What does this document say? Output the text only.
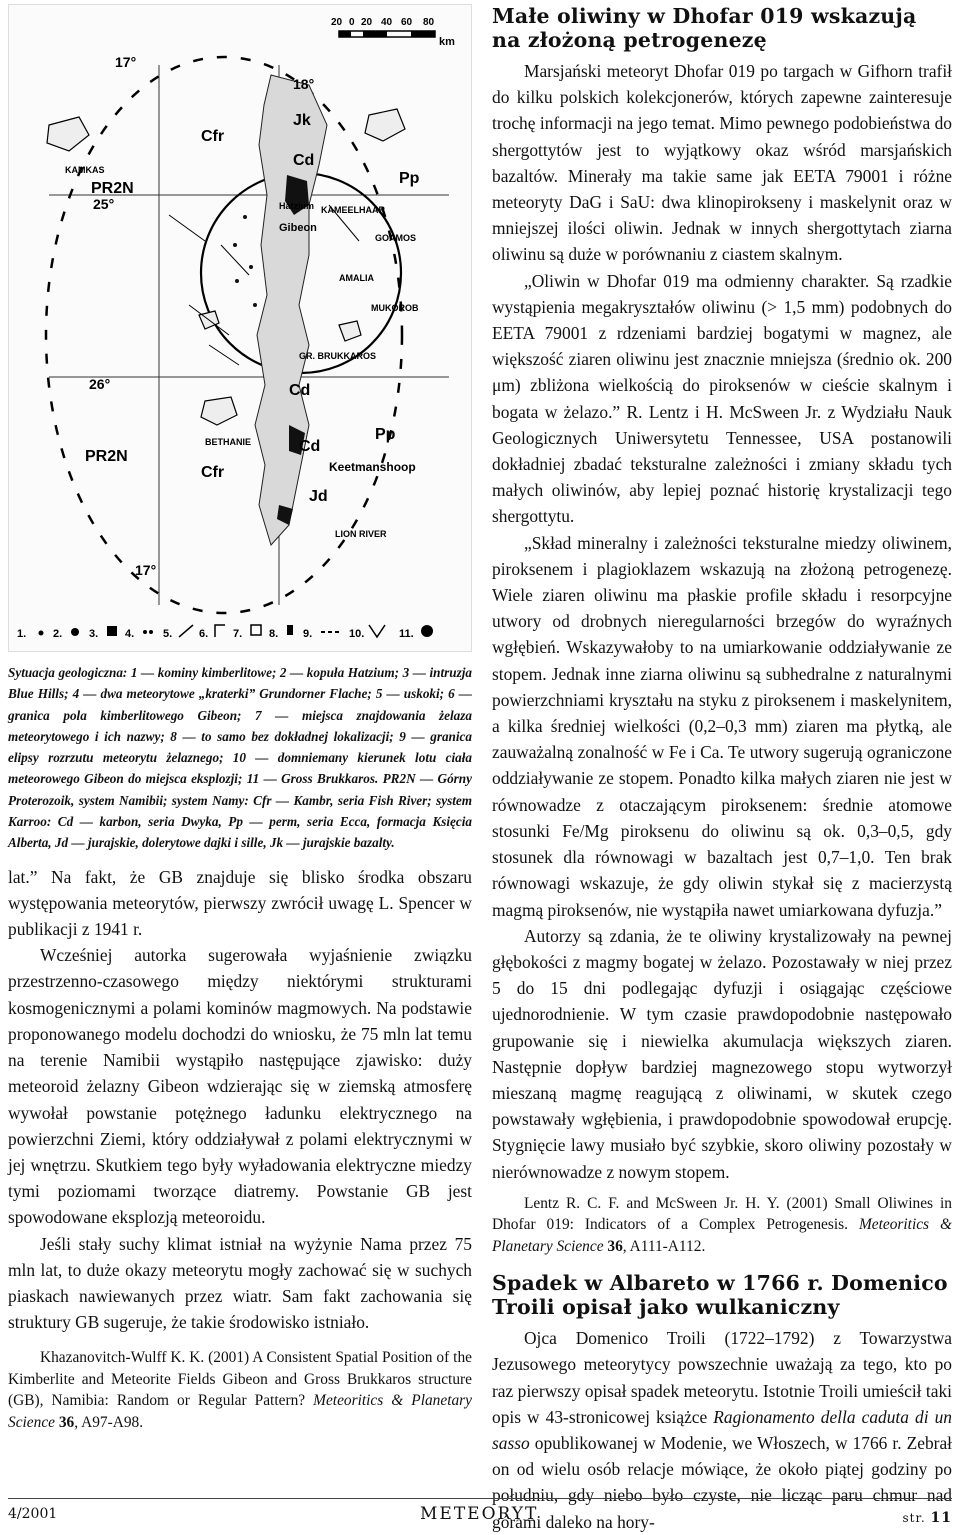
20 0 20 40 60 80
km
17°
18°
25°
26°
17°
Jk
Cfr
Cd
Pp
PR2N
PR2N
Cfr
Cd
Pp
Jd
Cd
KAMKAS
Hatzium KAMEELHAAR
Gibeon
GOAMOS
AMALIA
MUKOROB
GR. BRUKKAROS
BETHANIE
Keetmanshoop
LION RIVER
1. 2. 3. 4.	5. 6. 7. 8. 9.	10.	11.

Sytuacja geologiczna: 1 — kominy kimberlitowe; 2 — kopuła Hatzium; 3 — intruzja Blue Hills; 4 — dwa meteorytowe „kraterki” Grundorner Flache; 5 — uskoki; 6 — granica pola kimberlitowego Gibeon; 7 — miejsca znajdowania żelaza meteorytowego i ich nazwy; 8 — to samo bez dokładnej lokalizacji; 9 — granica elipsy rozrzutu meteorytu żelaznego; 10 — domniemany kierunek lotu ciała meteorowego Gibeon do miejsca eksplozji; 11 — Gross Brukkaros. PR2N — Górny Proterozoik, system Namibii; system Namy: Cfr — Kambr, seria Fish River; system Karroo: Cd — karbon, seria Dwyka, Pp — perm, seria Ecca, formacja Księcia Alberta, Jd — jurajskie, dolerytowe dajki i sille, Jk — jurajskie bazalty.

lat.” Na fakt, że GB znajduje się blisko środka obszaru występowania meteorytów, pierwszy zwrócił uwagę L. Spencer w publikacji z 1941 r.

Wcześniej autorka sugerowała wyjaśnienie związku przestrzenno-czasowego między niektórymi strukturami kosmogenicznymi a polami kominów magmowych. Na podstawie proponowanego modelu dochodzi do wniosku, że 75 mln lat temu na terenie Namibii wystąpiło następujące zjawisko: duży meteoroid żelazny Gibeon wdzierając się w ziemską atmosferę wywołał powstanie potężnego ładunku elektrycznego na powierzchni Ziemi, który oddziaływał z polami elektrycznymi w jej wnętrzu. Skutkiem tego były wyładowania elektryczne miedzy tymi poziomami tworzące diatremy. Powstanie GB jest spowodowane eksplozją meteoroidu.

Jeśli stały suchy klimat istniał na wyżynie Nama przez 75 mln lat, to duże okazy meteorytu mogły zachować się w suchych piaskach nawiewanych przez wiatr. Sam fakt zachowania się struktury GB sugeruje, że takie środowisko istniało.

Khazanovitch-Wulff K. K. (2001) A Consistent Spatial Position of the Kimberlite and Meteorite Fields Gibeon and Gross Brukkaros structure (GB), Namibia: Random or Regular Pattern? Meteoritics & Planetary Science 36, A97-A98.

Małe oliwiny w Dhofar 019 wskazują na złożoną petrogenezę

Marsjański meteoryt Dhofar 019 po targach w Gifhorn trafił do kilku polskich kolekcjonerów, których zapewne zainteresuje trochę informacji na jego temat. Mimo pewnego podobieństwa do shergottytów jest to wyjątkowy okaz wśród marsjańskich bazaltów. Minerały ma takie same jak EETA 79001 i różne meteoryty DaG i SaU: dwa klinopirokseny i maskelynit oraz w mniejszej ilości oliwin. Jednak w innych shergottytach ziarna oliwinu są duże w porównaniu z ciastem skalnym.

„Oliwin w Dhofar 019 ma odmienny charakter. Są rzadkie wystąpienia megakryształów oliwinu (> 1,5 mm) podobnych do EETA 79001 z rdzeniami bardziej bogatymi w magnez, ale większość ziaren oliwinu jest znacznie mniejsza (średnio ok. 200 μm) zbliżona wielkością do piroksenów w cieście skalnym i bogata w żelazo.” R. Lentz i H. McSween Jr. z Wydziału Nauk Geologicznych Uniwersytetu Tennessee, USA postanowili dokładniej zbadać teksturalne zależności i zmiany składu tych małych oliwinów, aby lepiej poznać historię krystalizacji tego shergottytu.

„Skład mineralny i zależności teksturalne miedzy oliwinem, piroksenem i plagioklazem wskazują na złożoną petrogenezę. Wiele ziaren oliwinu ma płaskie profile składu i resorpcyjne utwory od drobnych nieregularności brzegów do wyraźnych wgłębień. Wskazywałoby to na umiarkowanie oddziaływanie ze stopem. Jednak inne ziarna oliwinu są subhedralne z naturalnymi powierzchniami kryształu na styku z piroksenem i maskelynitem, a kilka średniej wielkości (0,2–0,3 mm) ziaren ma płytką, ale zauważalną zonalność w Fe i Ca. Te utwory sugerują ograniczone oddziaływanie ze stopem. Ponadto kilka małych ziaren nie jest w równowadze z otaczającym piroksenem: średnie atomowe stosunki Fe/Mg piroksenu do oliwinu są ok. 0,3–0,5, gdy stosunek dla równowagi w bazaltach jest 0,7–1,0. Ten brak równowagi wskazuje, że gdy oliwin stykał się z macierzystą magmą piroksenów, nie wystąpiła nawet umiarkowana dyfuzja.”

Autorzy są zdania, że te oliwiny krystalizowały na pewnej głębokości z magmy bogatej w żelazo. Pozostawały w niej przez 5 do 15 dni podlegając dyfuzji i osiągając częściowe ujednorodnienie. W tym czasie prawdopodobnie następowało grupowanie się i niewielka akumulacja większych ziaren. Następnie dopływ bardziej magnezowego stopu wytworzył mieszaną magmę reagującą z oliwinami, w skutek czego powstawały wgłębienia, i prawdopodobnie spowodował erupcję. Stygnięcie lawy musiało być szybkie, skoro oliwiny pozostały w nierównowadze z nowym stopem.

Lentz R. C. F. and McSween Jr. H. Y. (2001) Small Oliwines in Dhofar 019: Indicators of a Complex Petrogenesis. Meteoritics & Planetary Science 36, A111-A112.

Spadek w Albareto w 1766 r. Domenico Troili opisał jako wulkaniczny

Ojca Domenico Troili (1722–1792) z Towarzystwa Jezusowego meteorytycy powszechnie uważają za tego, kto po raz pierwszy opisał spadek meteorytu. Istotnie Troili umieścił taki opis w 43-stronicowej książce Ragionamento della caduta di un sasso opublikowanej w Modenie, we Włoszech, w 1766 r. Zebrał on od wielu osób relacje mówiące, że około piątej godziny po południu, gdy niebo było czyste, nie licząc paru chmur nad górami daleko na hory-

4/2001	METEORYT	str. 11
